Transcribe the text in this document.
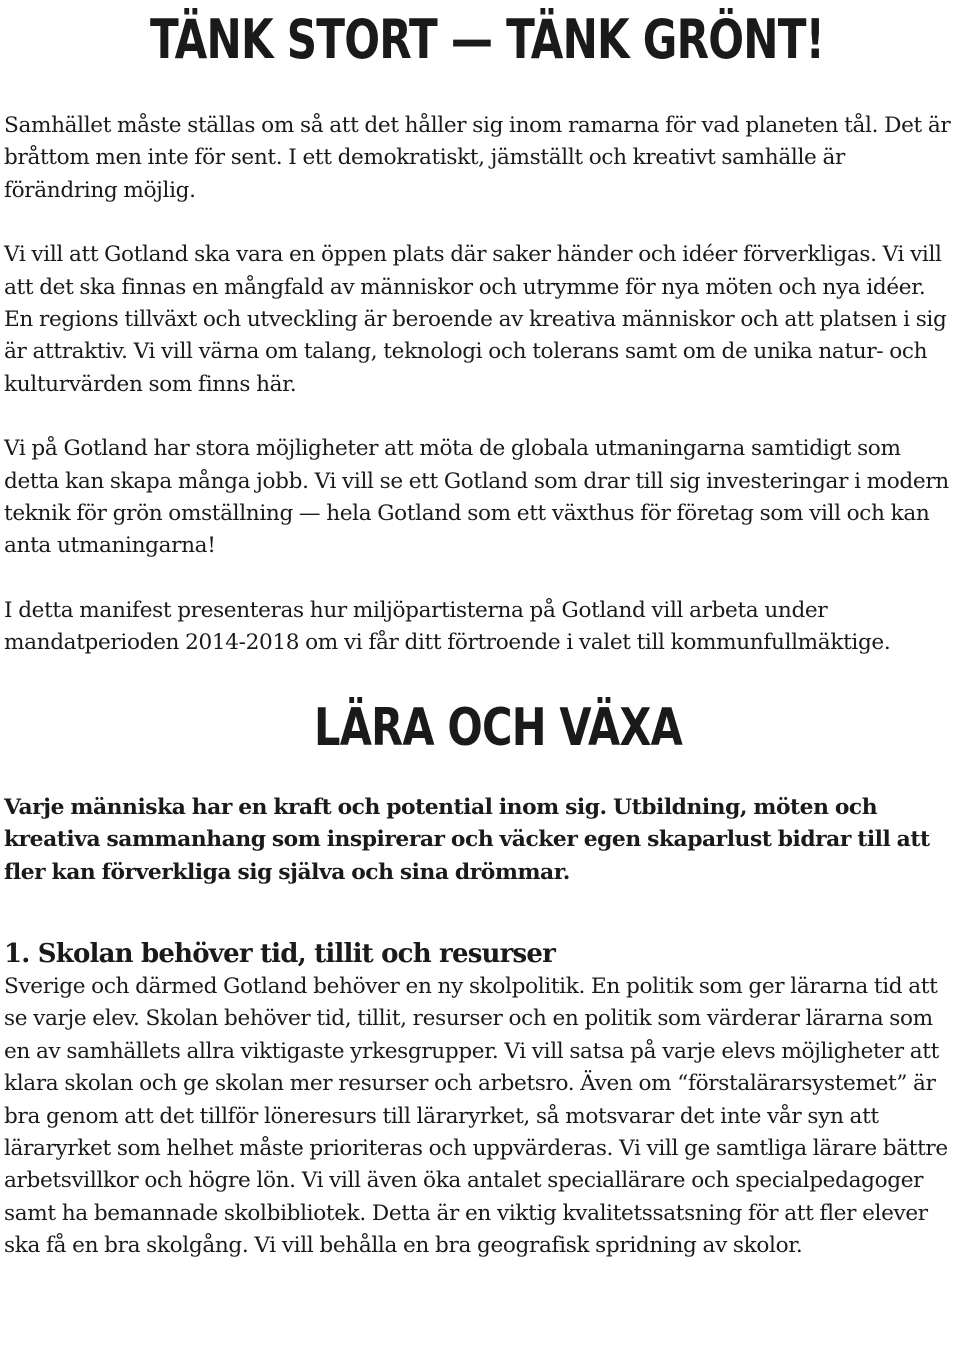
TÄNK STORT — TÄNK GRÖNT!

Samhället måste ställas om så att det håller sig inom ramarna för vad planeten tål. Det är bråttom men inte för sent. I ett demokratiskt, jämställt och kreativt samhälle är förändring möjlig.

Vi vill att Gotland ska vara en öppen plats där saker händer och idéer förverkligas. Vi vill att det ska finnas en mångfald av människor och utrymme för nya möten och nya idéer. En regions tillväxt och utveckling är beroende av kreativa människor och att platsen i sig är attraktiv. Vi vill värna om talang, teknologi och tolerans samt om de unika natur- och kulturvärden som finns här.

Vi på Gotland har stora möjligheter att möta de globala utmaningarna samtidigt som detta kan skapa många jobb. Vi vill se ett Gotland som drar till sig investeringar i modern teknik för grön omställning — hela Gotland som ett växthus för företag som vill och kan anta utmaningarna!

I detta manifest presenteras hur miljöpartisterna på Gotland vill arbeta under mandatperioden 2014-2018 om vi får ditt förtroende i valet till kommunfullmäktige.

LÄRA OCH VÄXA

Varje människa har en kraft och potential inom sig. Utbildning, möten och kreativa sammanhang som inspirerar och väcker egen skaparlust bidrar till att fler kan förverkliga sig själva och sina drömmar.

1. Skolan behöver tid, tillit och resurser

Sverige och därmed Gotland behöver en ny skolpolitik. En politik som ger lärarna tid att se varje elev. Skolan behöver tid, tillit, resurser och en politik som värderar lärarna som en av samhällets allra viktigaste yrkesgrupper. Vi vill satsa på varje elevs möjligheter att klara skolan och ge skolan mer resurser och arbetsro. Även om “förstalärarsystemet” är bra genom att det tillför löneresurs till läraryrket, så motsvarar det inte vår syn att läraryrket som helhet måste prioriteras och uppvärderas. Vi vill ge samtliga lärare bättre arbetsvillkor och högre lön. Vi vill även öka antalet speciallärare och specialpedagoger samt ha bemannade skolbibliotek. Detta är en viktig kvalitetssatsning för att fler elever ska få en bra skolgång. Vi vill behålla en bra geografisk spridning av skolor.
